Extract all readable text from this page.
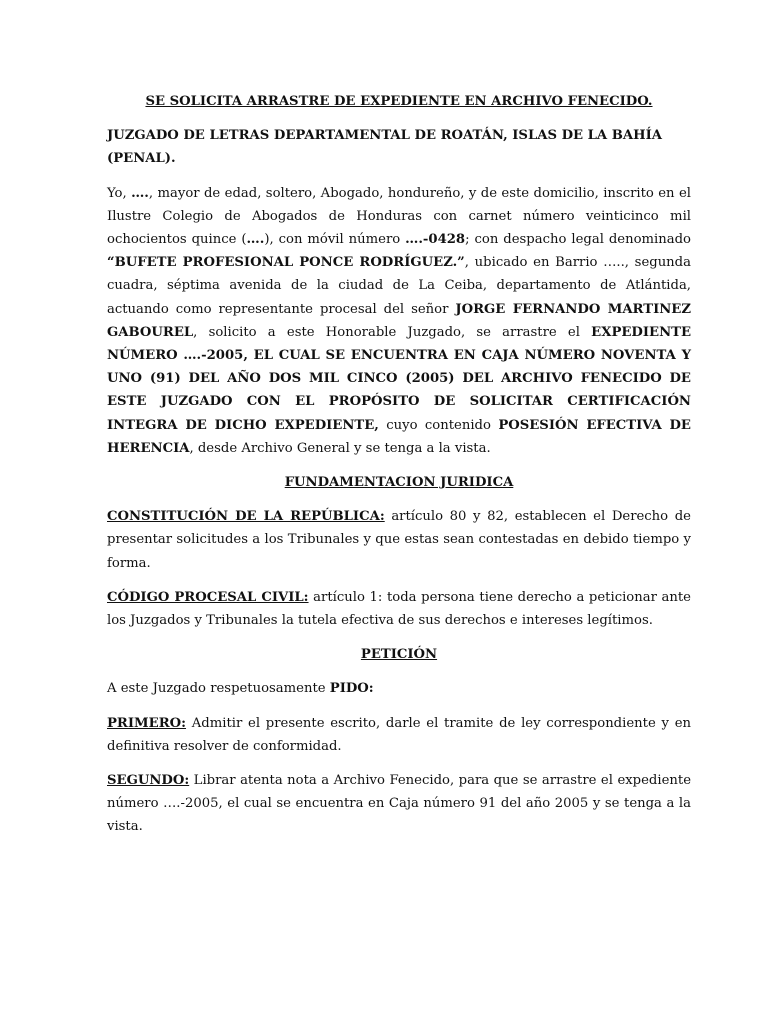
SE SOLICITA ARRASTRE DE EXPEDIENTE EN ARCHIVO FENECIDO.
JUZGADO DE LETRAS DEPARTAMENTAL DE ROATÁN, ISLAS DE LA BAHÍA (PENAL).

Yo, …., mayor de edad, soltero, Abogado, hondureño, y de este domicilio, inscrito en el Ilustre Colegio de Abogados de Honduras con carnet número veinticinco mil ochocientos quince (….), con móvil número ….-0428; con despacho legal denominado “BUFETE PROFESIONAL PONCE RODRÍGUEZ.”, ubicado en Barrio ….., segunda cuadra, séptima avenida de la ciudad de La Ceiba, departamento de Atlántida, actuando como representante procesal del señor JORGE FERNANDO MARTINEZ GABOUREL, solicito a este Honorable Juzgado, se arrastre el EXPEDIENTE NÚMERO ….-2005, EL CUAL SE ENCUENTRA EN CAJA NÚMERO NOVENTA Y UNO (91) DEL AÑO DOS MIL CINCO (2005) DEL ARCHIVO FENECIDO DE ESTE JUZGADO CON EL PROPÓSITO DE SOLICITAR CERTIFICACIÓN INTEGRA DE DICHO EXPEDIENTE, cuyo contenido POSESIÓN EFECTIVA DE HERENCIA, desde Archivo General y se tenga a la vista.

FUNDAMENTACION JURIDICA

CONSTITUCIÓN DE LA REPÚBLICA: artículo 80 y 82, establecen el Derecho de presentar solicitudes a los Tribunales y que estas sean contestadas en debido tiempo y forma.

CÓDIGO PROCESAL CIVIL: artículo 1: toda persona tiene derecho a peticionar ante los Juzgados y Tribunales la tutela efectiva de sus derechos e intereses legítimos.

PETICIÓN

A este Juzgado respetuosamente PIDO:

PRIMERO: Admitir el presente escrito, darle el tramite de ley correspondiente y en definitiva resolver de conformidad.

SEGUNDO: Librar atenta nota a Archivo Fenecido, para que se arrastre el expediente número ….-2005, el cual se encuentra en Caja número 91 del año 2005 y se tenga a la vista.
